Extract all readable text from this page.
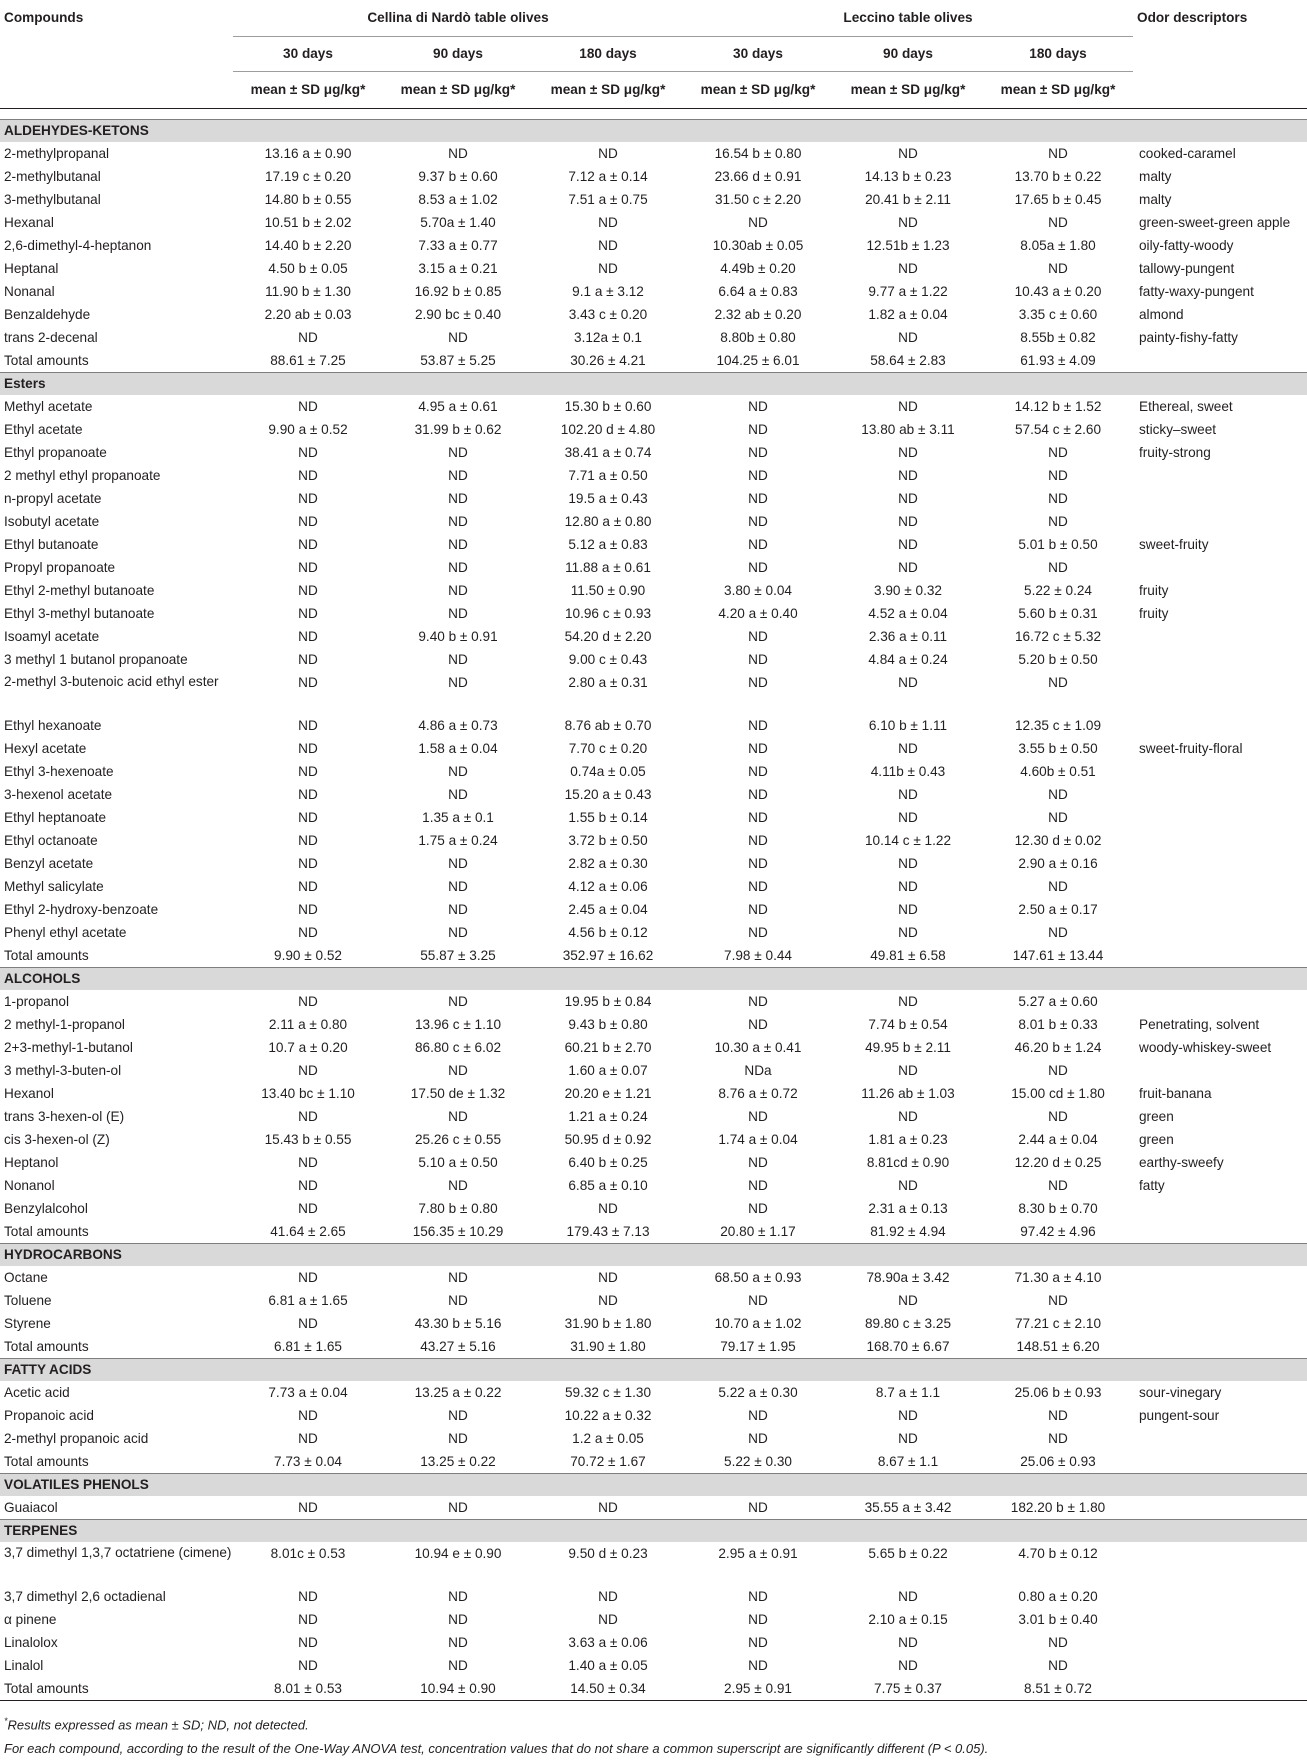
Compounds	Cellina di Nardò table olives			Leccino table olives			Odor descriptors
	30 days	90 days	180 days	30 days	90 days	180 days	
	mean ± SD μg/kg*	mean ± SD μg/kg*	mean ± SD μg/kg*	mean ± SD μg/kg*	mean ± SD μg/kg*	mean ± SD μg/kg*	

ALDEHYDES-KETONS							
2-methylpropanal	13.16 a ± 0.90	ND	ND	16.54 b ± 0.80	ND	ND	cooked-caramel
2-methylbutanal	17.19 c ± 0.20	9.37 b ± 0.60	7.12 a ± 0.14	23.66 d ± 0.91	14.13 b ± 0.23	13.70 b ± 0.22	malty
3-methylbutanal	14.80 b ± 0.55	8.53 a ± 1.02	7.51 a ± 0.75	31.50 c ± 2.20	20.41 b ± 2.11	17.65 b ± 0.45	malty
Hexanal	10.51 b ± 2.02	5.70a ± 1.40	ND	ND	ND	ND	green-sweet-green apple
2,6-dimethyl-4-heptanon	14.40 b ± 2.20	7.33 a ± 0.77	ND	10.30ab ± 0.05	12.51b ± 1.23	8.05a ± 1.80	oily-fatty-woody
Heptanal	4.50 b ± 0.05	3.15 a ± 0.21	ND	4.49b ± 0.20	ND	ND	tallowy-pungent
Nonanal	11.90 b ± 1.30	16.92 b ± 0.85	9.1 a ± 3.12	6.64 a ± 0.83	9.77 a ± 1.22	10.43 a ± 0.20	fatty-waxy-pungent
Benzaldehyde	2.20 ab ± 0.03	2.90 bc ± 0.40	3.43 c ± 0.20	2.32 ab ± 0.20	1.82 a ± 0.04	3.35 c ± 0.60	almond
trans 2-decenal	ND	ND	3.12a ± 0.1	8.80b ± 0.80	ND	8.55b ± 0.82	painty-fishy-fatty
Total amounts	88.61 ± 7.25	53.87 ± 5.25	30.26 ± 4.21	104.25 ± 6.01	58.64 ± 2.83	61.93 ± 4.09	
Esters							
Methyl acetate	ND	4.95 a ± 0.61	15.30 b ± 0.60	ND	ND	14.12 b ± 1.52	Ethereal, sweet
Ethyl acetate	9.90 a ± 0.52	31.99 b ± 0.62	102.20 d ± 4.80	ND	13.80 ab ± 3.11	57.54 c ± 2.60	sticky–sweet
Ethyl propanoate	ND	ND	38.41 a ± 0.74	ND	ND	ND	fruity-strong
2 methyl ethyl propanoate	ND	ND	7.71 a ± 0.50	ND	ND	ND	
n-propyl acetate	ND	ND	19.5 a ± 0.43	ND	ND	ND	
Isobutyl acetate	ND	ND	12.80 a ± 0.80	ND	ND	ND	
Ethyl butanoate	ND	ND	5.12 a ± 0.83	ND	ND	5.01 b ± 0.50	sweet-fruity
Propyl propanoate	ND	ND	11.88 a ± 0.61	ND	ND	ND	
Ethyl 2-methyl butanoate	ND	ND	11.50 ± 0.90	3.80 ± 0.04	3.90 ± 0.32	5.22 ± 0.24	fruity
Ethyl 3-methyl butanoate	ND	ND	10.96 c ± 0.93	4.20 a ± 0.40	4.52 a ± 0.04	5.60 b ± 0.31	fruity
Isoamyl acetate	ND	9.40 b ± 0.91	54.20 d ± 2.20	ND	2.36 a ± 0.11	16.72 c ± 5.32	
3 methyl 1 butanol propanoate	ND	ND	9.00 c ± 0.43	ND	4.84 a ± 0.24	5.20 b ± 0.50	
2-methyl 3-butenoic acid ethyl ester	ND	ND	2.80 a ± 0.31	ND	ND	ND	
Ethyl hexanoate	ND	4.86 a ± 0.73	8.76 ab ± 0.70	ND	6.10 b ± 1.11	12.35 c ± 1.09	
Hexyl acetate	ND	1.58 a ± 0.04	7.70 c ± 0.20	ND	ND	3.55 b ± 0.50	sweet-fruity-floral
Ethyl 3-hexenoate	ND	ND	0.74a ± 0.05	ND	4.11b ± 0.43	4.60b ± 0.51	
3-hexenol acetate	ND	ND	15.20 a ± 0.43	ND	ND	ND	
Ethyl heptanoate	ND	1.35 a ± 0.1	1.55 b ± 0.14	ND	ND	ND	
Ethyl octanoate	ND	1.75 a ± 0.24	3.72 b ± 0.50	ND	10.14 c ± 1.22	12.30 d ± 0.02	
Benzyl acetate	ND	ND	2.82 a ± 0.30	ND	ND	2.90 a ± 0.16	
Methyl salicylate	ND	ND	4.12 a ± 0.06	ND	ND	ND	
Ethyl 2-hydroxy-benzoate	ND	ND	2.45 a ± 0.04	ND	ND	2.50 a ± 0.17	
Phenyl ethyl acetate	ND	ND	4.56 b ± 0.12	ND	ND	ND	
Total amounts	9.90 ± 0.52	55.87 ± 3.25	352.97 ± 16.62	7.98 ± 0.44	49.81 ± 6.58	147.61 ± 13.44	
ALCOHOLS							
1-propanol	ND	ND	19.95 b ± 0.84	ND	ND	5.27 a ± 0.60	
2 methyl-1-propanol	2.11 a ± 0.80	13.96 c ± 1.10	9.43 b ± 0.80	ND	7.74 b ± 0.54	8.01 b ± 0.33	Penetrating, solvent
2+3-methyl-1-butanol	10.7 a ± 0.20	86.80 c ± 6.02	60.21 b ± 2.70	10.30 a ± 0.41	49.95 b ± 2.11	46.20 b ± 1.24	woody-whiskey-sweet
3 methyl-3-buten-ol	ND	ND	1.60 a ± 0.07	NDa	ND	ND	
Hexanol	13.40 bc ± 1.10	17.50 de ± 1.32	20.20 e ± 1.21	8.76 a ± 0.72	11.26 ab ± 1.03	15.00 cd ± 1.80	fruit-banana
trans 3-hexen-ol (E)	ND	ND	1.21 a ± 0.24	ND	ND	ND	green
cis 3-hexen-ol (Z)	15.43 b ± 0.55	25.26 c ± 0.55	50.95 d ± 0.92	1.74 a ± 0.04	1.81 a ± 0.23	2.44 a ± 0.04	green
Heptanol	ND	5.10 a ± 0.50	6.40 b ± 0.25	ND	8.81cd ± 0.90	12.20 d ± 0.25	earthy-sweefy
Nonanol	ND	ND	6.85 a ± 0.10	ND	ND	ND	fatty
Benzylalcohol	ND	7.80 b ± 0.80	ND	ND	2.31 a ± 0.13	8.30 b ± 0.70	
Total amounts	41.64 ± 2.65	156.35 ± 10.29	179.43 ± 7.13	20.80 ± 1.17	81.92 ± 4.94	97.42 ± 4.96	
HYDROCARBONS							
Octane	ND	ND	ND	68.50 a ± 0.93	78.90a ± 3.42	71.30 a ± 4.10	
Toluene	6.81 a ± 1.65	ND	ND	ND	ND	ND	
Styrene	ND	43.30 b ± 5.16	31.90 b ± 1.80	10.70 a ± 1.02	89.80 c ± 3.25	77.21 c ± 2.10	
Total amounts	6.81 ± 1.65	43.27 ± 5.16	31.90 ± 1.80	79.17 ± 1.95	168.70 ± 6.67	148.51 ± 6.20	
FATTY ACIDS							
Acetic acid	7.73 a ± 0.04	13.25 a ± 0.22	59.32 c ± 1.30	5.22 a ± 0.30	8.7 a ± 1.1	25.06 b ± 0.93	sour-vinegary
Propanoic acid	ND	ND	10.22 a ± 0.32	ND	ND	ND	pungent-sour
2-methyl propanoic acid	ND	ND	1.2 a ± 0.05	ND	ND	ND	
Total amounts	7.73 ± 0.04	13.25 ± 0.22	70.72 ± 1.67	5.22 ± 0.30	8.67 ± 1.1	25.06 ± 0.93	
VOLATILES PHENOLS							
Guaiacol	ND	ND	ND	ND	35.55 a ± 3.42	182.20 b ± 1.80	
TERPENES							
3,7 dimethyl 1,3,7 octatriene (cimene)	8.01c ± 0.53	10.94 e ± 0.90	9.50 d ± 0.23	2.95 a ± 0.91	5.65 b ± 0.22	4.70 b ± 0.12	
3,7 dimethyl 2,6 octadienal	ND	ND	ND	ND	ND	0.80 a ± 0.20	
α pinene	ND	ND	ND	ND	2.10 a ± 0.15	3.01 b ± 0.40	
Linalolox	ND	ND	3.63 a ± 0.06	ND	ND	ND	
Linalol	ND	ND	1.40 a ± 0.05	ND	ND	ND	
Total amounts	8.01 ± 0.53	10.94 ± 0.90	14.50 ± 0.34	2.95 ± 0.91	7.75 ± 0.37	8.51 ± 0.72	
*Results expressed as mean ± SD; ND, not detected.
For each compound, according to the result of the One-Way ANOVA test, concentration values that do not share a common superscript are significantly different (P < 0.05).
